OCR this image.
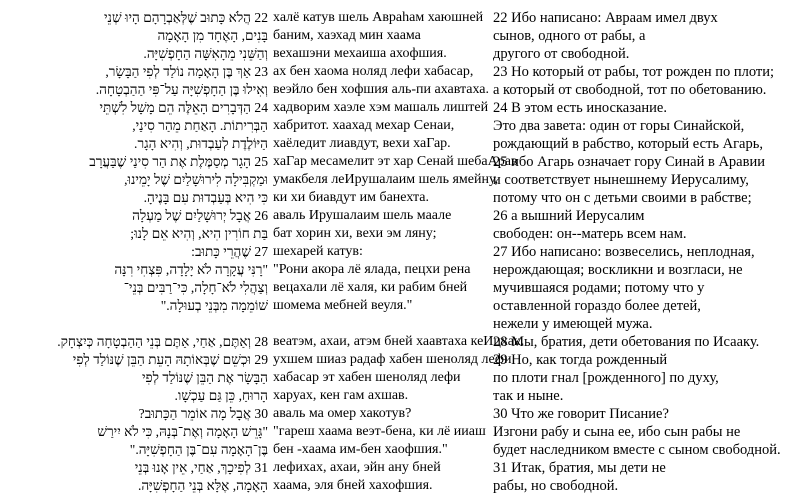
22 הֲלֹא כָּתוּב שֶׁלְּאַבְרָהָם הָיוּ שְׁנֵי
בָּנִים, הָאֶחָד מִן הָאָמָה
וְהַשֵּׁנִי מֵהָאִשָּׁה הַחָפְשִׁיָּה.
23 אַךְ בֶּן הָאָמָה נוֹלַד לְפִי הַבָּשָׂר,
וְאִילוּ בֶּן הַחָפְשִׁיָּה עַל־פִּי הַהַבְטָחָה.
24 הַדְּבָרִים הָאֵלֶּה הֵם מָשָׁל לִשְׁתֵּי
הַבְּרִיתוֹת. הָאַחַת מֵהַר סִינַי,
הַיּוֹלֶדֶת לְעַבְדוּת, וְהִיא הָגָר.
25 הָגָר מְסַמֶּלֶת אֶת הַר סִינַי שֶׁבַּעֲרָב
וּמַקְבִּילָה לִירוּשָׁלַיִם שֶׁל יָמֵינוּ,
כִּי הִיא בְּעַבְדוּת עִם בָּנֶיהָ.
26 אֲבָל יְרוּשָׁלַיִם שֶׁל מַעְלָה
בַּת חוֹרִין הִיא, וְהִיא אֵם לָנוּ;
27 שֶׁהֲרֵי כָּתוּב:
"רָנִּי עֲקָרָה לֹא יָלָדָה, פִּצְחִי רִנָּה
וְצַהֲלִי לֹא־חָלָה, כִּי־רַבִּים בְּנֵי־
שׁוֹמֵמָה מִבְּנֵי בְעוּלָה."
28 וְאַתֶּם, אַחַי, אַתֶּם בְּנֵי הַהַבְטָחָה כְּיִצְחָק.
29 וּכְשֵׁם שֶׁבְּאוֹתָהּ הָעֵת הַבֵּן שֶׁנּוֹלַד לְפִי
הַבָּשָׂר אֶת הַבֵּן שֶׁנּוֹלַד לְפִי
הָרוּחַ, כֵּן גַּם עַכְשָׁו.
30 אֲבָל מָה אוֹמֵר הַכָּתוּב?
"גָּרֵשׁ הָאָמָה וְאֶת־בְּנָהּ, כִּי לֹא יִירַשׁ
בֶּן־הָאָמָה עִם־בֶּן הַחָפְשִׁיָּה."
31 לְפִיכָךְ, אַחַי, אֵין אָנוּ בְּנֵי
הָאָמָה, אֶלָּא בְּנֵי הַחָפְשִׁיָּה.
халё катув шель Авраhам хаюшней
баним, хаэхад мин хаама
вехашэни мехаиша ахофшия.
ах бен хаома ноляд лефи хабасар,
веэйло бен хофшия аль-пи ахавтаха.
хадворим хаэле хэм машаль лиштей
хабритот. хаахад мехар Сенаи,
хаёледит лиавдут, вехи хаГар.
хаГар месамелит эт хар Сенай шебаАрав
умакбеля леИрушалаим шель ямейну,
ки хи биавдут им банехта.
аваль Ирушалаим шель маале
бат хорин хи, вехи эм ляну;
шехарей катув:
"Рони акора лё ялада, пецхи рена
вецахали лё халя, ки рабим бней
шомема мебней веуля."
веатэм, ахаи, атэм бней хаавтаха кеИцхак.
ухшем шиаз радаф хабен шеноляд лефи
хабасар эт хабен шеноляд лефи
харуах, кен гам ахшав.
аваль ма омер хакотув?
"гареш хаама веэт-бена, ки лё ииаш
бен -хаама им-бен хаофшия."
лефихах, ахаи, эйн ану бней
хаама, эля бней хахофшия.
22 Ибо написано: Авраам имел двух
сынов, одного от рабы, а
другого от свободной.
23 Но который от рабы, тот рожден по плоти;
а который от свободной, тот по обетованию.
24 В этом есть иносказание.
Это два завета: один от горы Синайской,
рождающий в рабство, который есть Агарь,
25 ибо Агарь означает гору Синай в Аравии
и соответствует нынешнему Иерусалиму,
потому что он с детьми своими в рабстве;
26 а вышний Иерусалим
свободен: он--матерь всем нам.
27 Ибо написано: возвеселись, неплодная,
нерождающая; воскликни и возгласи, не
мучившаяся родами; потому что у
оставленной гораздо более детей,
нежели у имеющей мужа.
28 Мы, братия, дети обетования по Исааку.
29 Но, как тогда рожденный
по плоти гнал [рожденного] по духу,
так и ныне.
30 Что же говорит Писание?
Изгони рабу и сына ее, ибо сын рабы не
будет наследником вместе с сыном свободной.
31 Итак, братия, мы дети не
рабы, но свободной.
